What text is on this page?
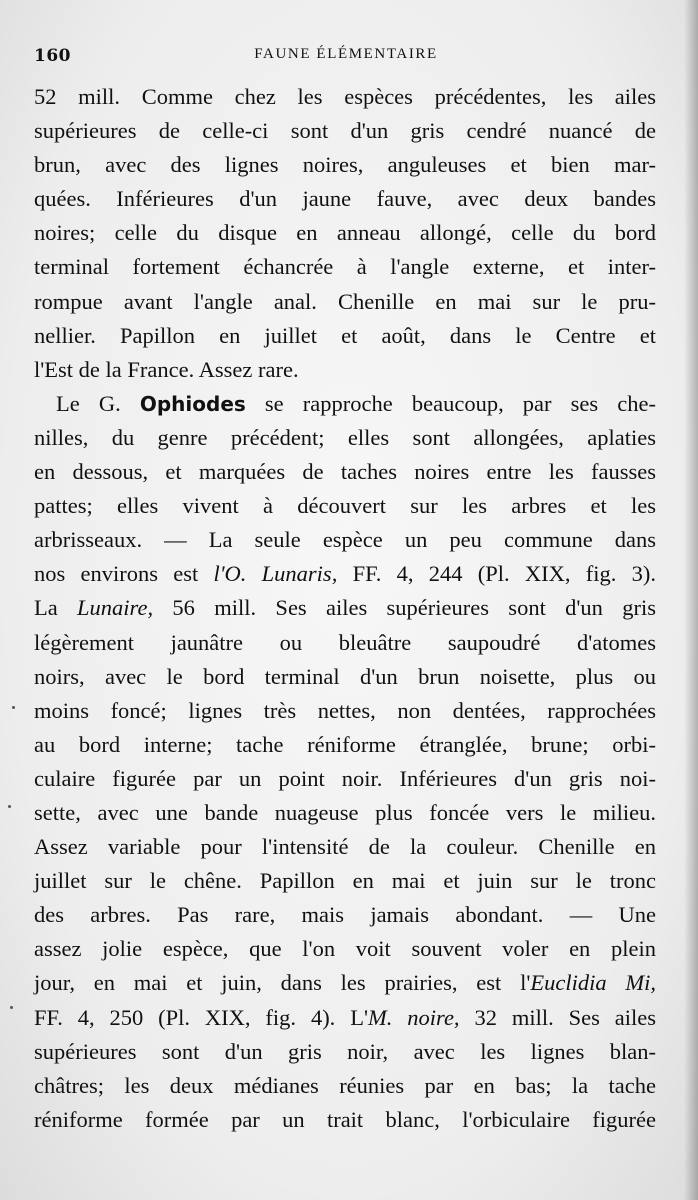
160	FAUNE ÉLÉMENTAIRE

52 mill. Comme chez les espèces précédentes, les ailes
supérieures de celle-ci sont d'un gris cendré nuancé de
brun, avec des lignes noires, anguleuses et bien mar-
quées. Inférieures d'un jaune fauve, avec deux bandes
noires; celle du disque en anneau allongé, celle du bord
terminal fortement échancrée à l'angle externe, et inter-
rompue avant l'angle anal. Chenille en mai sur le pru-
nellier. Papillon en juillet et août, dans le Centre et
l'Est de la France. Assez rare.

Le G. Ophiodes se rapproche beaucoup, par ses che-
nilles, du genre précédent; elles sont allongées, aplaties
en dessous, et marquées de taches noires entre les fausses
pattes; elles vivent à découvert sur les arbres et les
arbrisseaux. — La seule espèce un peu commune dans
nos environs est l'O. Lunaris, FF. 4, 244 (Pl. XIX, fig. 3).
La Lunaire, 56 mill. Ses ailes supérieures sont d'un gris
légèrement jaunâtre ou bleuâtre saupoudré d'atomes
noirs, avec le bord terminal d'un brun noisette, plus ou
moins foncé; lignes très nettes, non dentées, rapprochées
au bord interne; tache réniforme étranglée, brune; orbi-
culaire figurée par un point noir. Inférieures d'un gris noi-
sette, avec une bande nuageuse plus foncée vers le milieu.
Assez variable pour l'intensité de la couleur. Chenille en
juillet sur le chêne. Papillon en mai et juin sur le tronc
des arbres. Pas rare, mais jamais abondant. — Une
assez jolie espèce, que l'on voit souvent voler en plein
jour, en mai et juin, dans les prairies, est l'Euclidia Mi,
FF. 4, 250 (Pl. XIX, fig. 4). L'M. noire, 32 mill. Ses ailes
supérieures sont d'un gris noir, avec les lignes blan-
châtres; les deux médianes réunies par en bas; la tache
réniforme formée par un trait blanc, l'orbiculaire figurée
